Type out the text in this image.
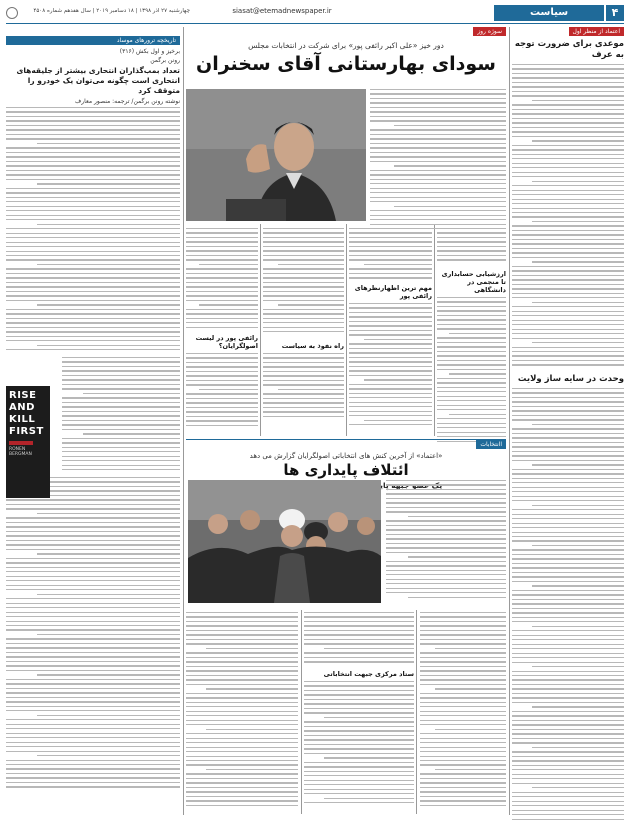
۴
سیاست
siasat@etemadnewspaper.ir
چهارشنبه ۲۷ آذر ۱۳۹۸ | ۱۸ دسامبر ۲۰۱۹ | سال هفدهم شماره ۴۵۰۸
اعتماد از منظر اول
موعدی برای ضرورت توجه به عرف
وحدت در سایه ساز ولایت
سوژه روز
دور خیز «علی اکبر رائفی پور» برای شرکت در انتخابات مجلس
سودای بهارستانی آقای سخنران
ارزشیابی حسابداری تا منجمی در دانشگاهی
مهم ترین اظهارنظرهای رائفی پور
راه نفوذ به سیاست
رائفی پور در لیست اصولگرایان؟
اانتخابات
«اعتماد» از آخرین کنش های انتخاباتی اصولگرایان گزارش می دهد
ائتلاف پایداری ها
ستاد مرکزی جبهت انتخاباتی
تاریخچه ترورهای موساد
برخیز و اول بکش (۳۱۶)
رونن برگمن
تعداد بمب‌گذاران انتحاری بیشتر از جلیقه‌های انتحاری است چگونه می‌توان یک خودرو را متوقف کرد
نوشته رونن برگمن/ ترجمه: منصور معارف
RISE
AND
KILL
FIRST
RONEN BERGMAN
